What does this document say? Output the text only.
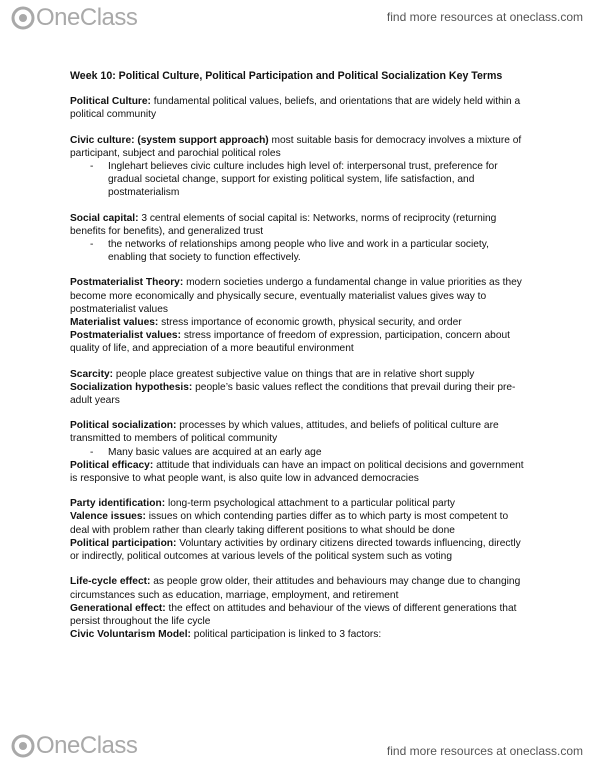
OneClass	find more resources at oneclass.com
Week 10: Political Culture, Political Participation and Political Socialization Key Terms

Political Culture: fundamental political values, beliefs, and orientations that are widely held within a political community

Civic culture: (system support approach) most suitable basis for democracy involves a mixture of participant, subject and parochial political roles

-	Inglehart believes civic culture includes high level of: interpersonal trust, preference for gradual societal change, support for existing political system, life satisfaction, and postmaterialism

Social capital: 3 central elements of social capital is: Networks, norms of reciprocity (returning benefits for benefits), and generalized trust

-	the networks of relationships among people who live and work in a particular society, enabling that society to function effectively.

Postmaterialist Theory: modern societies undergo a fundamental change in value priorities as they become more economically and physically secure, eventually materialist values gives way to postmaterialist values

Materialist values: stress importance of economic growth, physical security, and order

Postmaterialist values: stress importance of freedom of expression, participation, concern about quality of life, and appreciation of a more beautiful environment

Scarcity: people place greatest subjective value on things that are in relative short supply

Socialization hypothesis: people’s basic values reflect the conditions that prevail during their pre-adult years

Political socialization: processes by which values, attitudes, and beliefs of political culture are transmitted to members of political community

-	Many basic values are acquired at an early age

Political efficacy: attitude that individuals can have an impact on political decisions and government is responsive to what people want, is also quite low in advanced democracies

Party identification: long-term psychological attachment to a particular political party

Valence issues: issues on which contending parties differ as to which party is most competent to deal with problem rather than clearly taking different positions to what should be done

Political participation: Voluntary activities by ordinary citizens directed towards influencing, directly or indirectly, political outcomes at various levels of the political system such as voting

Life-cycle effect: as people grow older, their attitudes and behaviours may change due to changing circumstances such as education, marriage, employment, and retirement

Generational effect: the effect on attitudes and behaviour of the views of different generations that persist throughout the life cycle

Civic Voluntarism Model: political participation is linked to 3 factors:

OneClass	find more resources at oneclass.com
